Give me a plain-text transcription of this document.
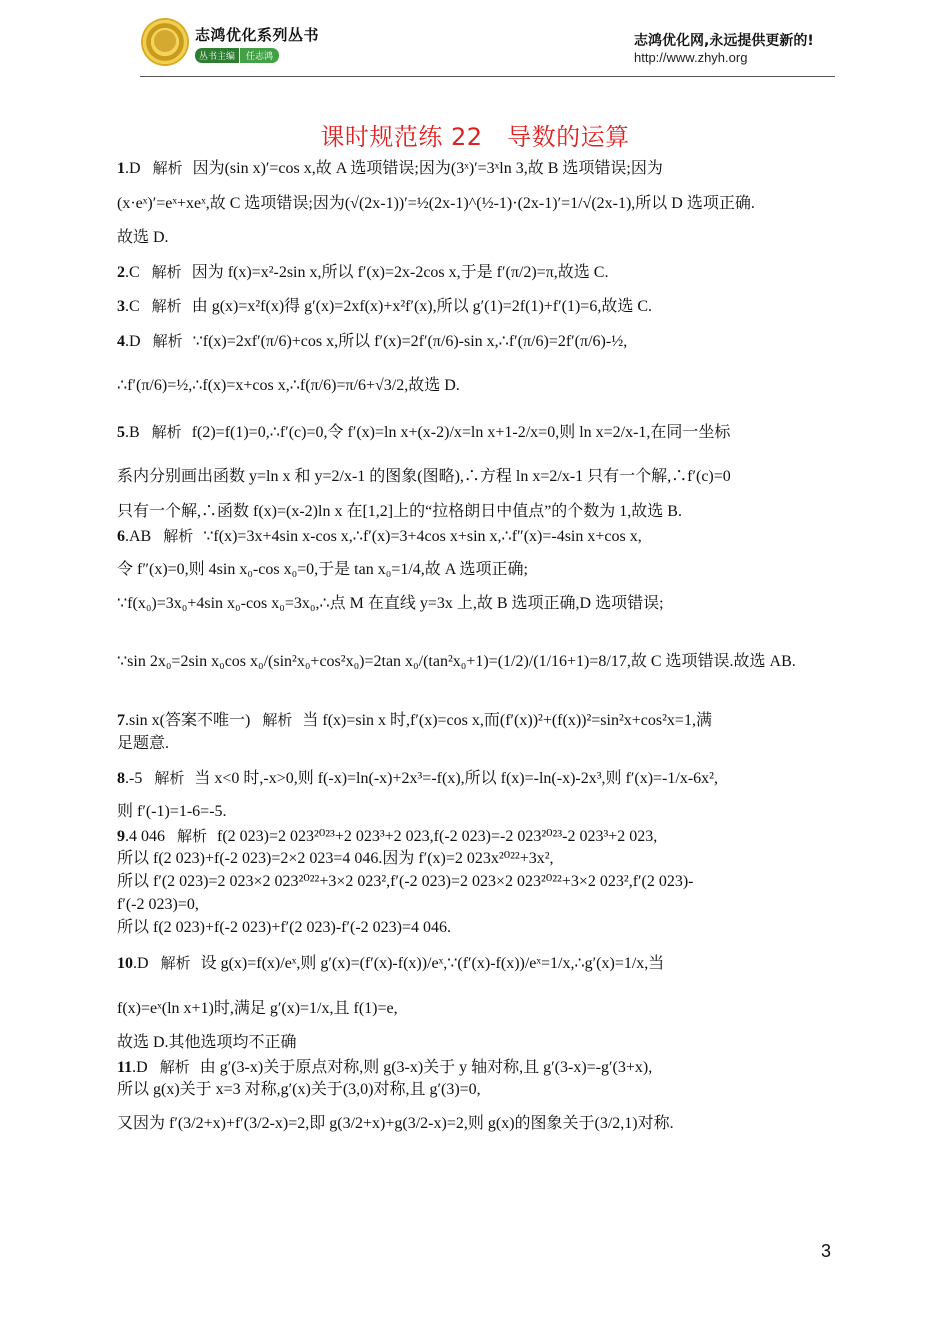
志鸿优化系列丛书
丛书主编	任志鸿
志鸿优化网,永远提供更新的!
http://www.zhyh.org
课时规范练 22　导数的运算
1.D 解析 因为(sin x)′=cos x,故 A 选项错误;因为(3ˣ)′=3ˣln 3,故 B 选项错误;因为
(x·eˣ)′=eˣ+xeˣ,故 C 选项错误;因为(√(2x-1))′=½(2x-1)^(½-1)·(2x-1)′=1/√(2x-1),所以 D 选项正确.
故选 D.
2.C 解析 因为 f(x)=x²-2sin x,所以 f′(x)=2x-2cos x,于是 f′(π/2)=π,故选 C.
3.C 解析 由 g(x)=x²f(x)得 g′(x)=2xf(x)+x²f′(x),所以 g′(1)=2f(1)+f′(1)=6,故选 C.
4.D 解析 ∵f(x)=2xf′(π/6)+cos x,所以 f′(x)=2f′(π/6)-sin x,∴f′(π/6)=2f′(π/6)-½,
∴f′(π/6)=½,∴f(x)=x+cos x,∴f(π/6)=π/6+√3/2,故选 D.
5.B 解析 f(2)=f(1)=0,∴f′(c)=0,令 f′(x)=ln x+(x-2)/x=ln x+1-2/x=0,则 ln x=2/x-1,在同一坐标
系内分别画出函数 y=ln x 和 y=2/x-1 的图象(图略),∴方程 ln x=2/x-1 只有一个解,∴f′(c)=0
只有一个解,∴函数 f(x)=(x-2)ln x 在[1,2]上的“拉格朗日中值点”的个数为 1,故选 B.
6.AB 解析 ∵f(x)=3x+4sin x-cos x,∴f′(x)=3+4cos x+sin x,∴f″(x)=-4sin x+cos x,
令 f″(x)=0,则 4sin x₀-cos x₀=0,于是 tan x₀=1/4,故 A 选项正确;
∵f(x₀)=3x₀+4sin x₀-cos x₀=3x₀,∴点 M 在直线 y=3x 上,故 B 选项正确,D 选项错误;
∵sin 2x₀=2sin x₀cos x₀/(sin²x₀+cos²x₀)=2tan x₀/(tan²x₀+1)=(1/2)/(1/16+1)=8/17,故 C 选项错误.故选 AB.
7.sin x(答案不唯一) 解析 当 f(x)=sin x 时,f′(x)=cos x,而(f′(x))²+(f(x))²=sin²x+cos²x=1,满
足题意.
8.-5 解析 当 x<0 时,-x>0,则 f(-x)=ln(-x)+2x³=-f(x),所以 f(x)=-ln(-x)-2x³,则 f′(x)=-1/x-6x²,
则 f′(-1)=1-6=-5.
9.4 046 解析 f(2 023)=2 023²⁰²³+2 023³+2 023,f(-2 023)=-2 023²⁰²³-2 023³+2 023,
所以 f(2 023)+f(-2 023)=2×2 023=4 046.因为 f′(x)=2 023x²⁰²²+3x²,
所以 f′(2 023)=2 023×2 023²⁰²²+3×2 023²,f′(-2 023)=2 023×2 023²⁰²²+3×2 023²,f′(2 023)-
f′(-2 023)=0,
所以 f(2 023)+f(-2 023)+f′(2 023)-f′(-2 023)=4 046.
10.D 解析 设 g(x)=f(x)/eˣ,则 g′(x)=(f′(x)-f(x))/eˣ,∵(f′(x)-f(x))/eˣ=1/x,∴g′(x)=1/x,当
f(x)=eˣ(ln x+1)时,满足 g′(x)=1/x,且 f(1)=e,
故选 D.其他选项均不正确
11.D 解析 由 g′(3-x)关于原点对称,则 g(3-x)关于 y 轴对称,且 g′(3-x)=-g′(3+x),
所以 g(x)关于 x=3 对称,g′(x)关于(3,0)对称,且 g′(3)=0,
又因为 f′(3/2+x)+f′(3/2-x)=2,即 g(3/2+x)+g(3/2-x)=2,则 g(x)的图象关于(3/2,1)对称.
3
